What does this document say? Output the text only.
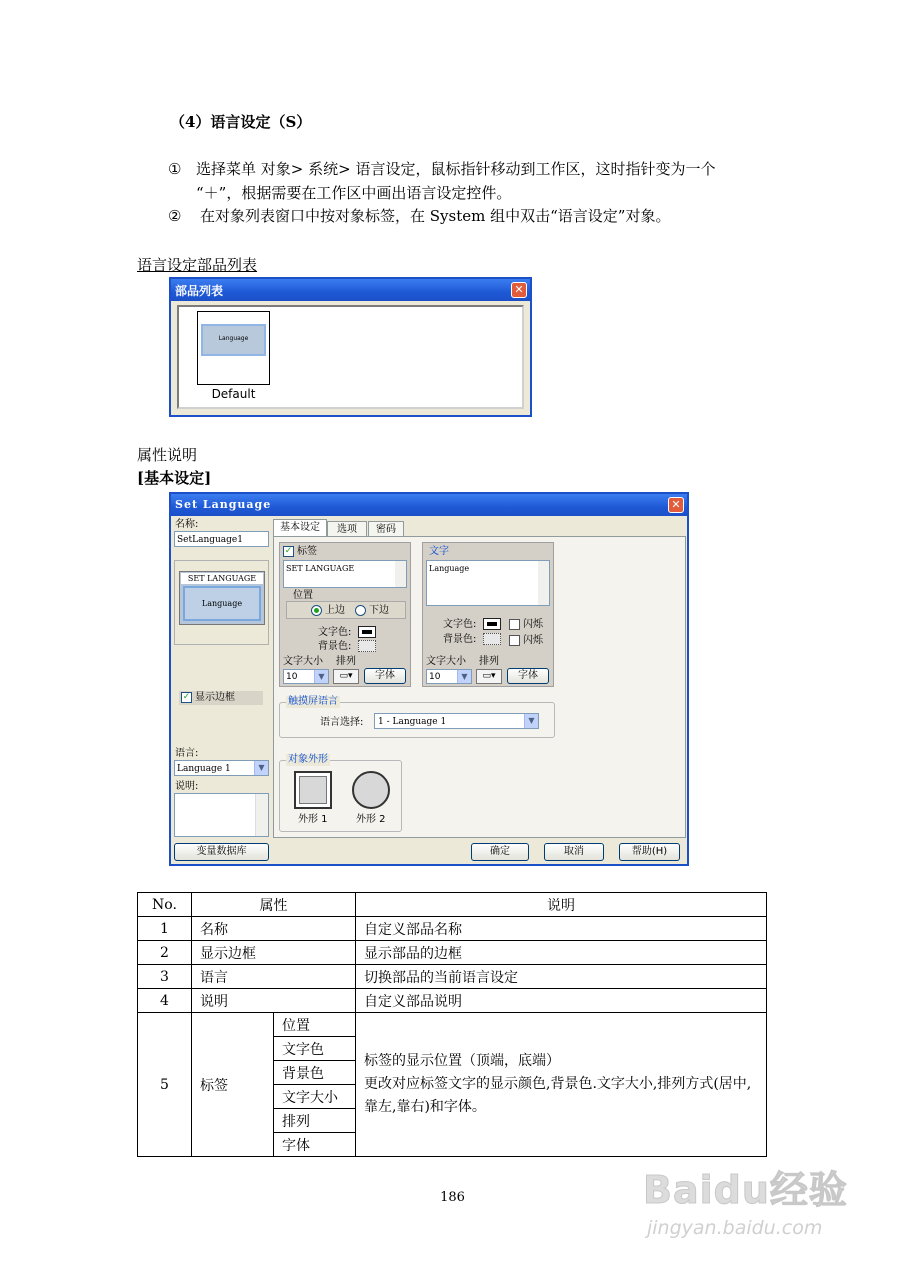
（4）语言设定（S）
① 选择菜单 对象> 系统> 语言设定，鼠标指针移动到工作区，这时指针变为一个
“＋”，根据需要在工作区中画出语言设定控件。
② 在对象列表窗口中按对象标签，在 System 组中双击“语言设定”对象。
语言设定部品列表
部品列表	✕
Language
Default
属性说明
[基本设定]
Set Language	✕
名称:
SetLanguage1
SET LANGUAGE
Language
✓ 显示边框
语言:
Language 1	▼
说明:
变量数据库
基本设定	选项	密码
✓ 标签
SET LANGUAGE
位置
上边 下边
文字色:
背景色:
文字大小 排列
10	▼	▭▾	字体
文字
Language
文字色:	闪烁
背景色:	闪烁
文字大小 排列
10	▼	▭▾	字体
触摸屏语言
语言选择: 1 - Language 1	▼
对象外形
外形 1	外形 2
确定	取消	帮助(H)
No.	属性		说明
1	名称		自定义部品名称
2	显示边框		显示部品的边框
3	语言		切换部品的当前语言设定
4	说明		自定义部品说明
5	标签	位置	标签的显示位置（顶端，底端）
更改对应标签文字的显示颜色,背景色.文字大小,排列方式(居中,靠左,靠右)和字体。

		文字色	
		背景色	
		文字大小	
		排列	
		字体	
186	Baidu经验
jingyan.baidu.com
